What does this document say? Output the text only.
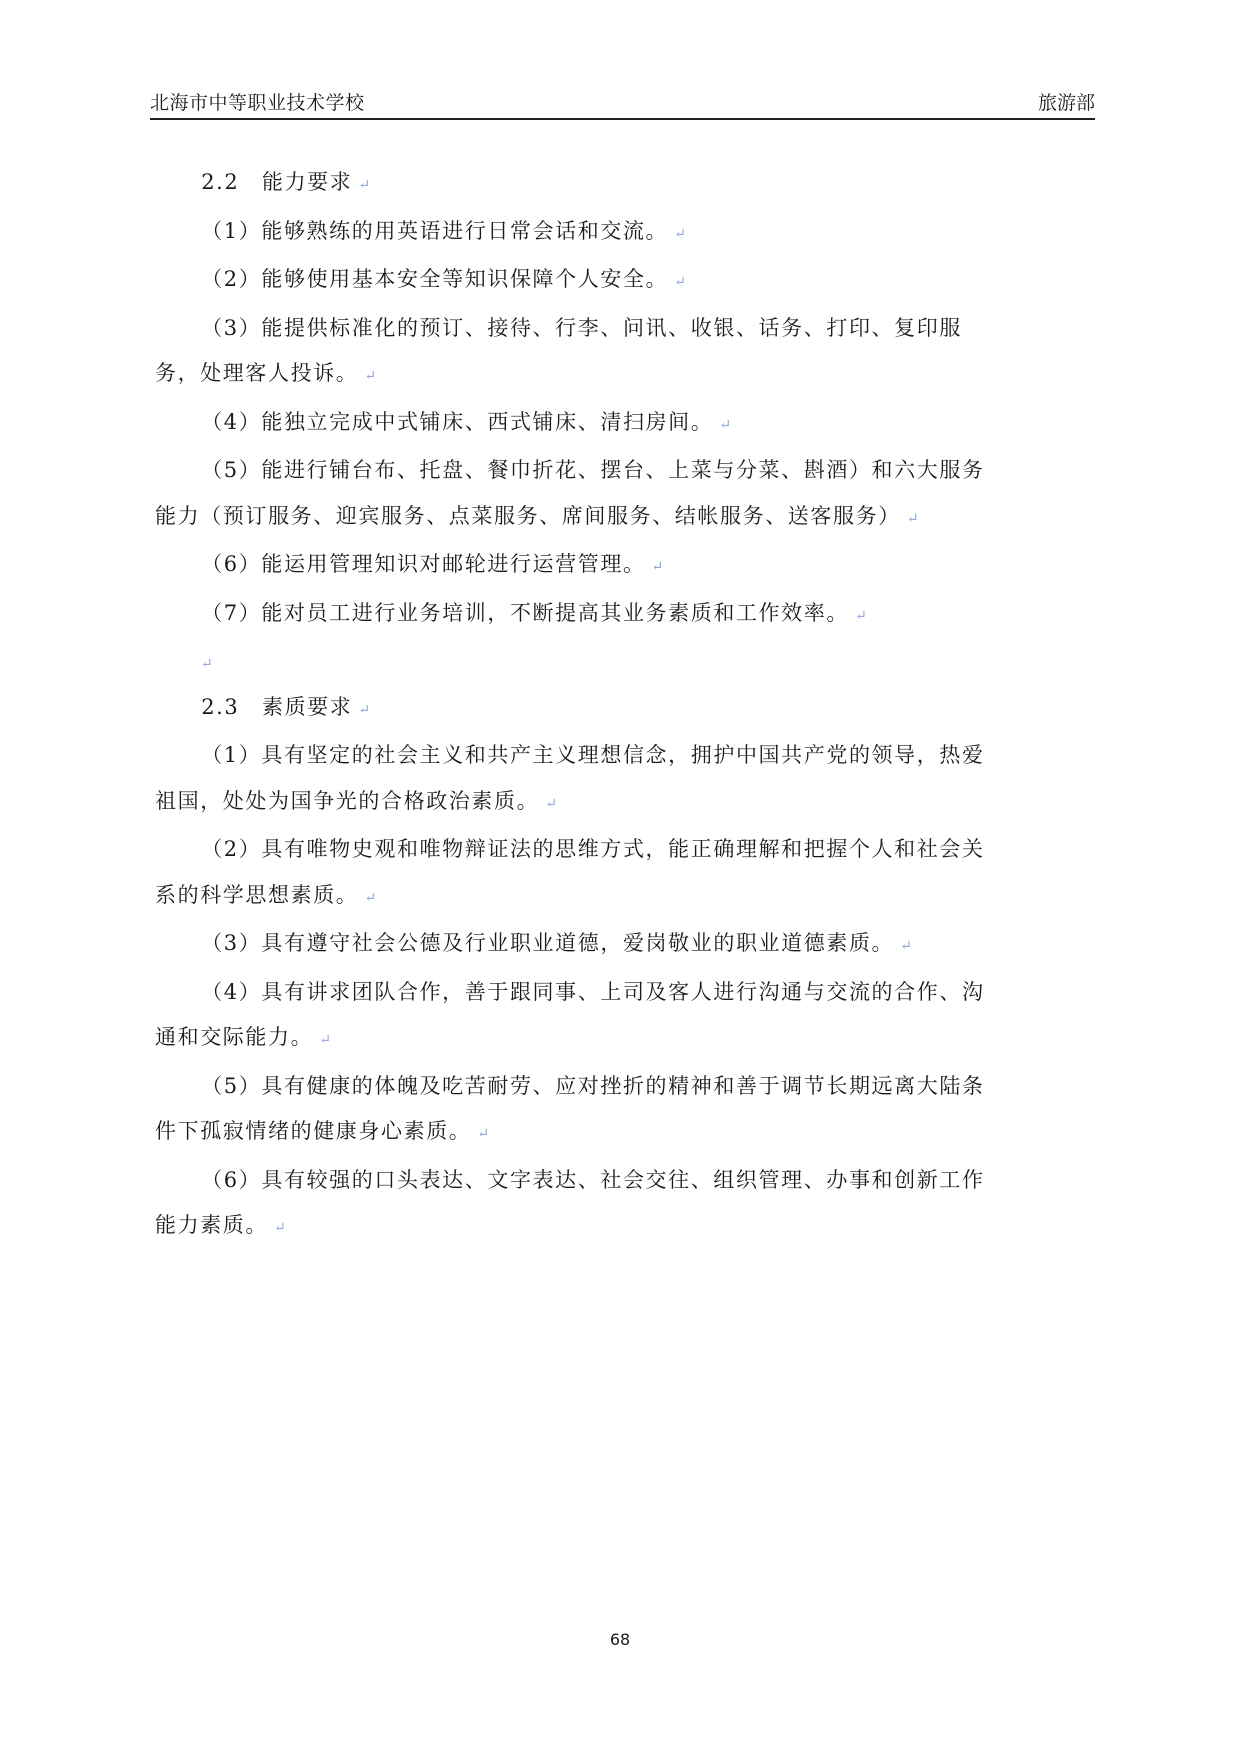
北海市中等职业技术学校	旅游部

2.2　能力要求 ↵

（1）能够熟练的用英语进行日常会话和交流。 ↵

（2）能够使用基本安全等知识保障个人安全。 ↵

（3）能提供标准化的预订、接待、行李、问讯、收银、话务、打印、复印服务，处理客人投诉。 ↵

（4）能独立完成中式铺床、西式铺床、清扫房间。 ↵

（5）能进行铺台布、托盘、餐巾折花、摆台、上菜与分菜、斟酒）和六大服务能力（预订服务、迎宾服务、点菜服务、席间服务、结帐服务、送客服务） ↵

（6）能运用管理知识对邮轮进行运营管理。 ↵

（7）能对员工进行业务培训，不断提高其业务素质和工作效率。 ↵

↵

2.3　素质要求 ↵

（1）具有坚定的社会主义和共产主义理想信念，拥护中国共产党的领导，热爱祖国，处处为国争光的合格政治素质。 ↵

（2）具有唯物史观和唯物辩证法的思维方式，能正确理解和把握个人和社会关系的科学思想素质。 ↵

（3）具有遵守社会公德及行业职业道德，爱岗敬业的职业道德素质。 ↵

（4）具有讲求团队合作，善于跟同事、上司及客人进行沟通与交流的合作、沟通和交际能力。 ↵

（5）具有健康的体魄及吃苦耐劳、应对挫折的精神和善于调节长期远离大陆条件下孤寂情绪的健康身心素质。 ↵

（6）具有较强的口头表达、文字表达、社会交往、组织管理、办事和创新工作能力素质。 ↵

68
